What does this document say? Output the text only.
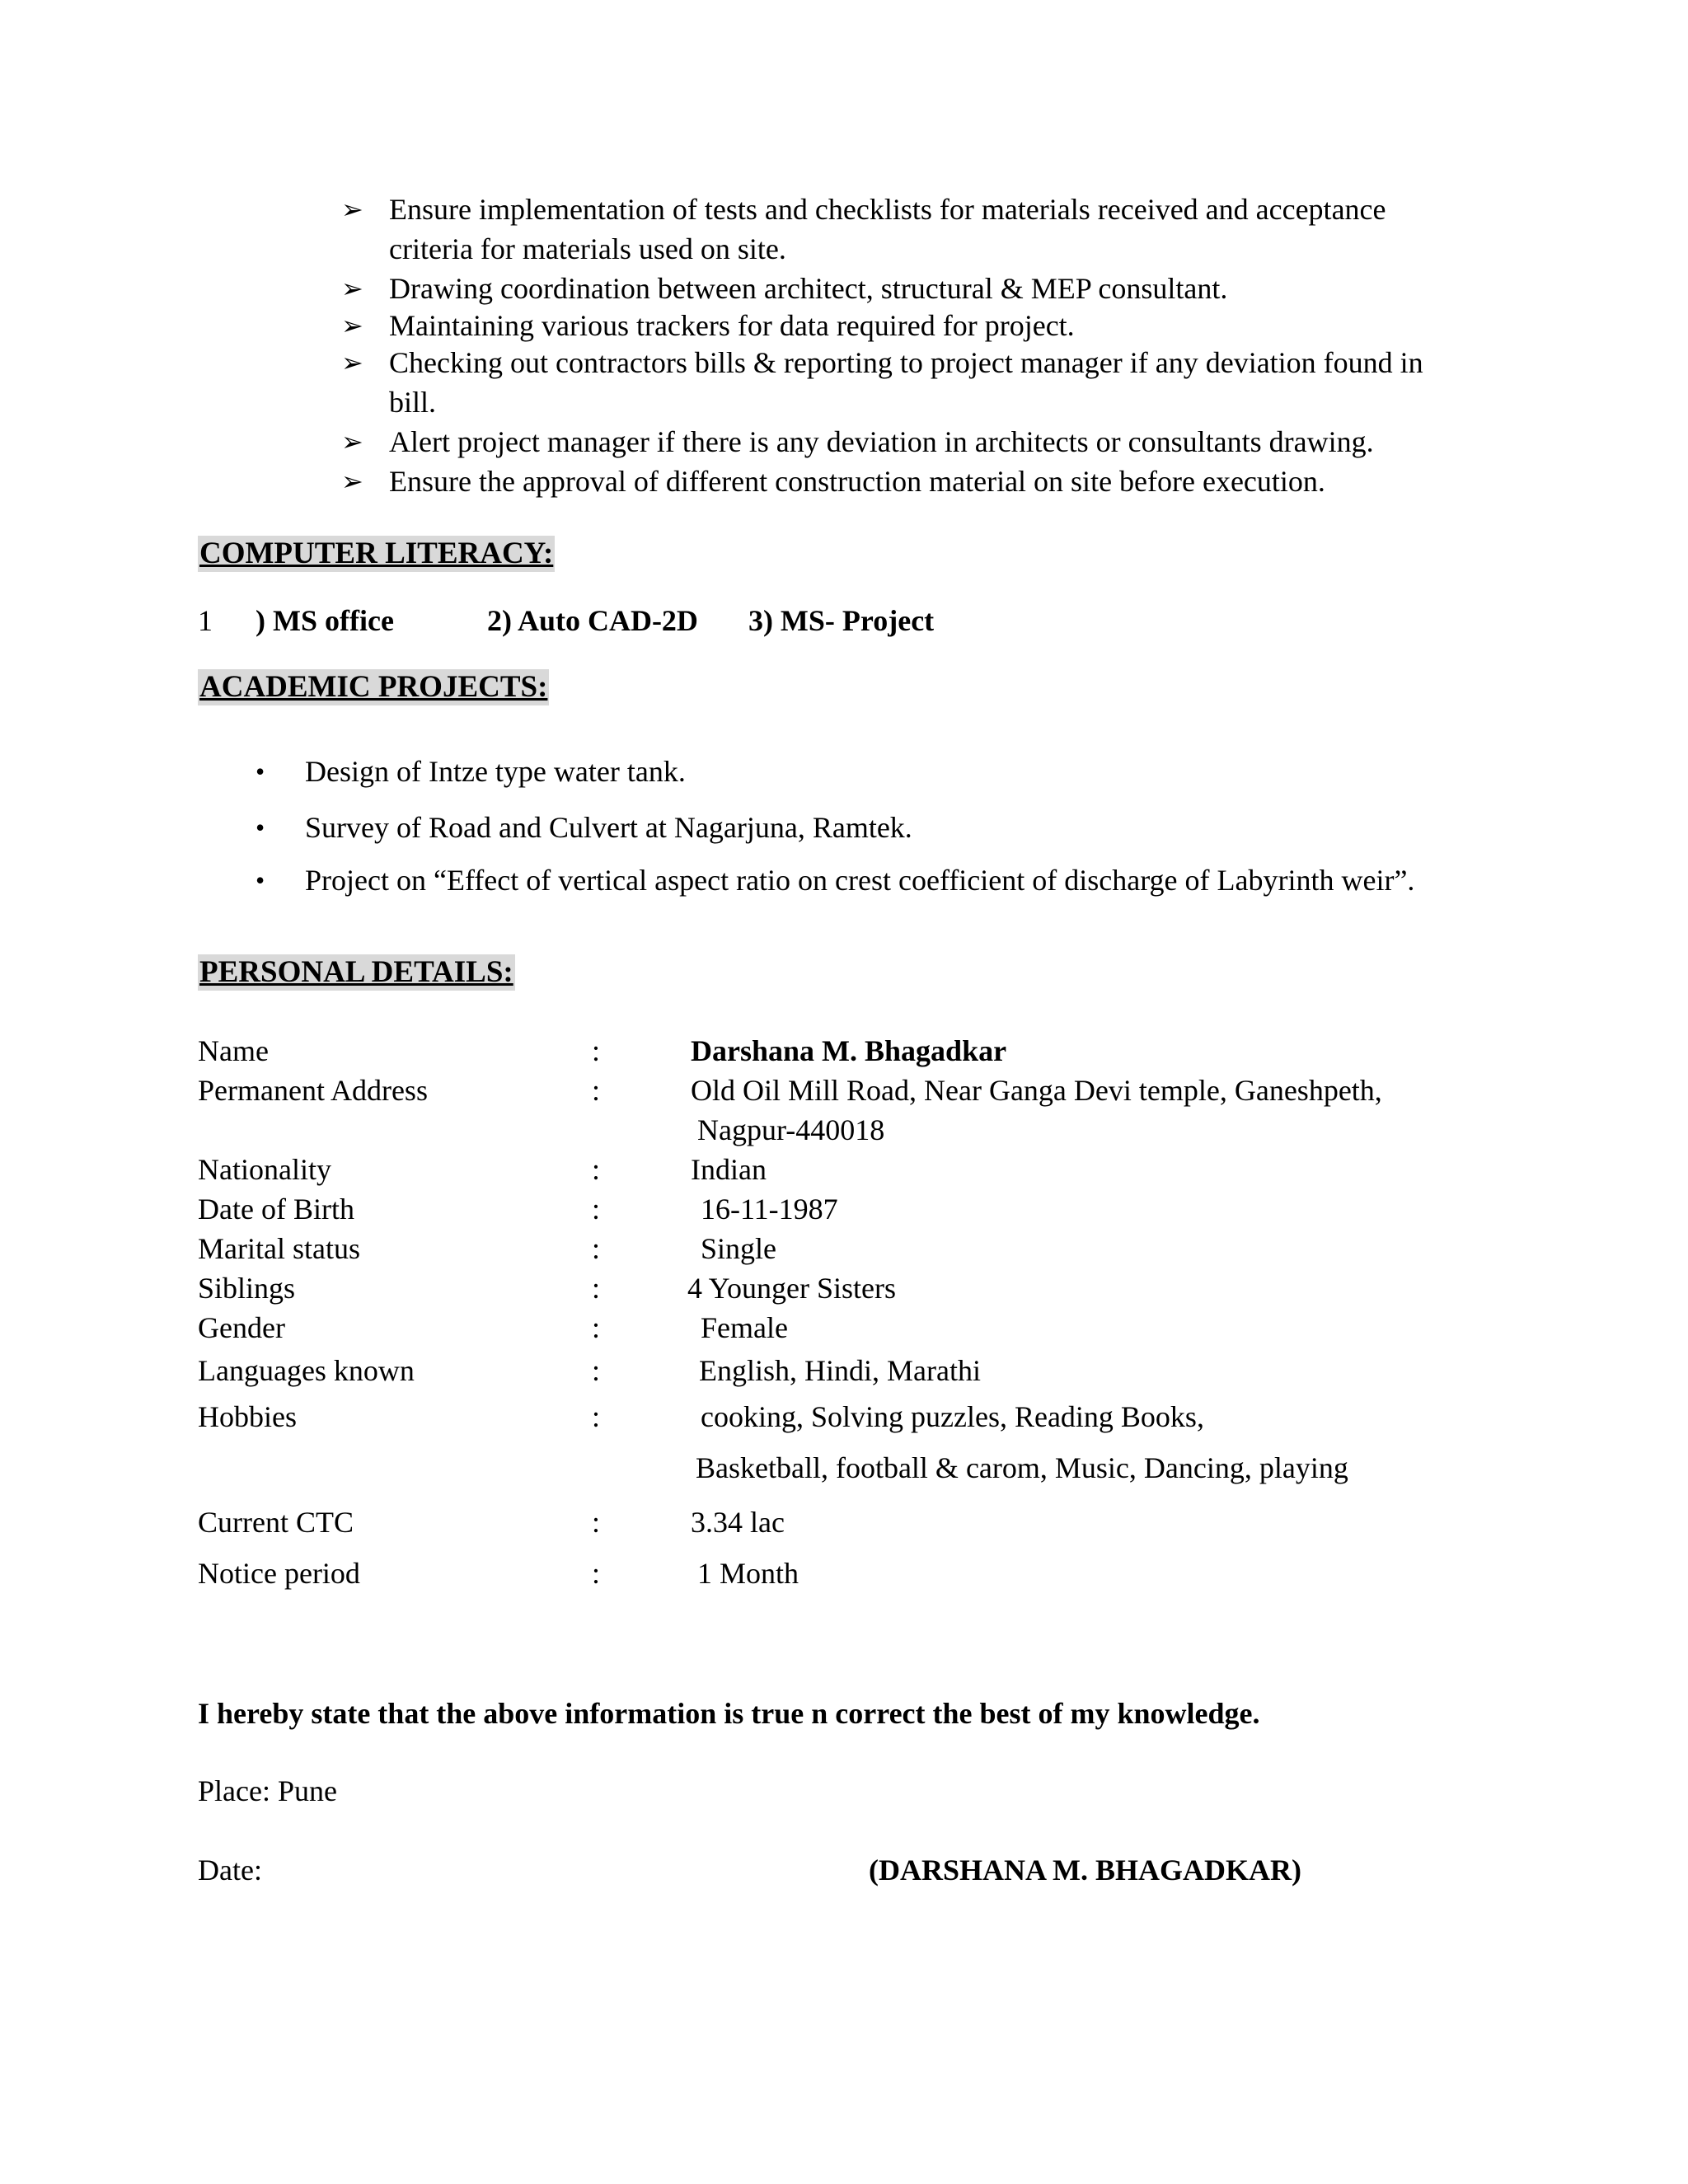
➢ Ensure implementation of tests and checklists for materials received and acceptance
criteria for materials used on site.
➢ Drawing coordination between architect, structural & MEP consultant.
➢ Maintaining various trackers for data required for project.
➢ Checking out contractors bills & reporting to project manager if any deviation found in
bill.
➢ Alert project manager if there is any deviation in architects or consultants drawing.
➢ Ensure the approval of different construction material on site before execution.
COMPUTER LITERACY:
1 ) MS office	2) Auto CAD-2D 3) MS- Project
ACADEMIC PROJECTS:
• Design of Intze type water tank.
• Survey of Road and Culvert at Nagarjuna, Ramtek.
• Project on “Effect of vertical aspect ratio on crest coefficient of discharge of Labyrinth weir”.
PERSONAL DETAILS:
Name	:	Darshana M. Bhagadkar
Permanent Address	:	Old Oil Mill Road, Near Ganga Devi temple, Ganeshpeth,
Nagpur-440018
Nationality	:	Indian
Date of Birth	:	16-11-1987
Marital status	:	Single
Siblings	:	4 Younger Sisters
Gender	:	Female
Languages known	:	English, Hindi, Marathi
Hobbies	:	cooking, Solving puzzles, Reading Books,
Basketball, football & carom, Music, Dancing, playing
Current CTC	:	3.34 lac
Notice period	:	1 Month
I hereby state that the above information is true n correct the best of my knowledge.
Place: Pune
Date:	(DARSHANA M. BHAGADKAR)
